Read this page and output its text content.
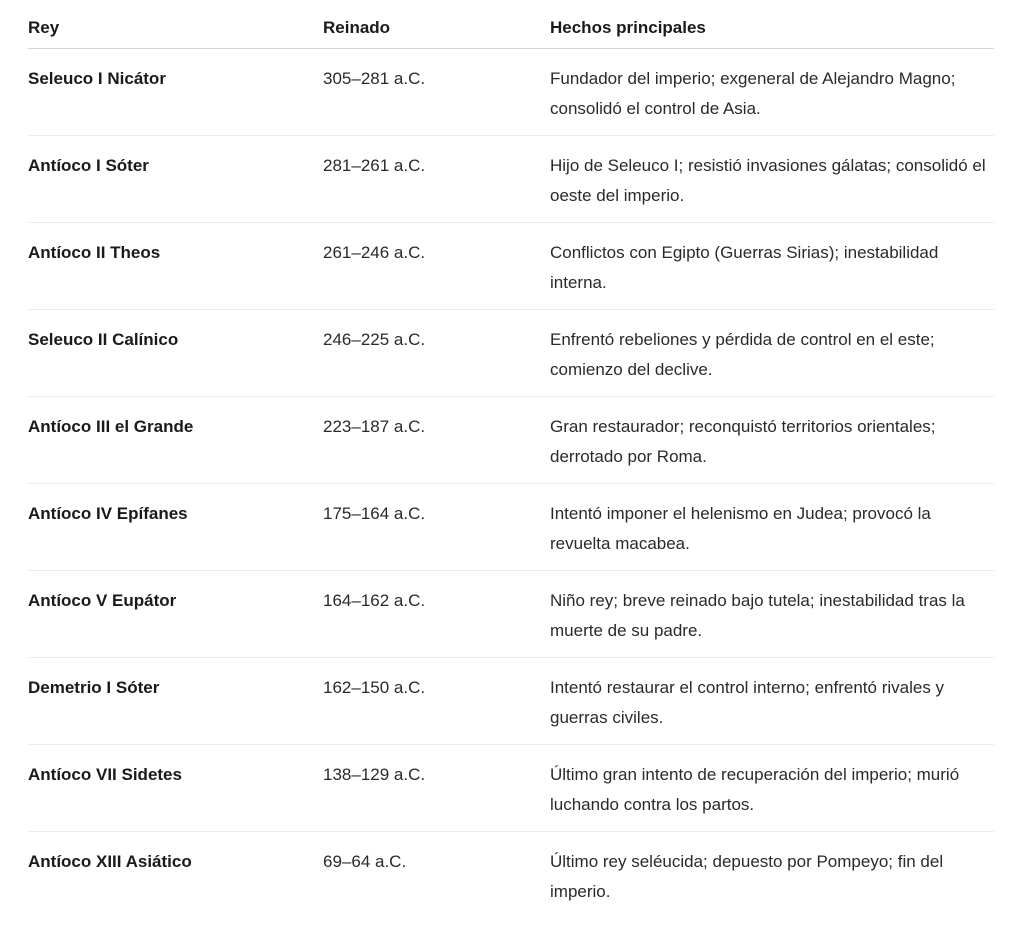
Rey	Reinado	Hechos principales
Seleuco I Nicátor	305–281 a.C.	Fundador del imperio; exgeneral de Alejandro Magno; consolidó el control de Asia.
Antíoco I Sóter	281–261 a.C.	Hijo de Seleuco I; resistió invasiones gálatas; consolidó el oeste del imperio.
Antíoco II Theos	261–246 a.C.	Conflictos con Egipto (Guerras Sirias); inestabilidad interna.
Seleuco II Calínico	246–225 a.C.	Enfrentó rebeliones y pérdida de control en el este; comienzo del declive.
Antíoco III el Grande	223–187 a.C.	Gran restaurador; reconquistó territorios orientales; derrotado por Roma.
Antíoco IV Epífanes	175–164 a.C.	Intentó imponer el helenismo en Judea; provocó la revuelta macabea.
Antíoco V Eupátor	164–162 a.C.	Niño rey; breve reinado bajo tutela; inestabilidad tras la muerte de su padre.
Demetrio I Sóter	162–150 a.C.	Intentó restaurar el control interno; enfrentó rivales y guerras civiles.
Antíoco VII Sidetes	138–129 a.C.	Último gran intento de recuperación del imperio; murió luchando contra los partos.
Antíoco XIII Asiático	69–64 a.C.	Último rey seléucida; depuesto por Pompeyo; fin del imperio.
